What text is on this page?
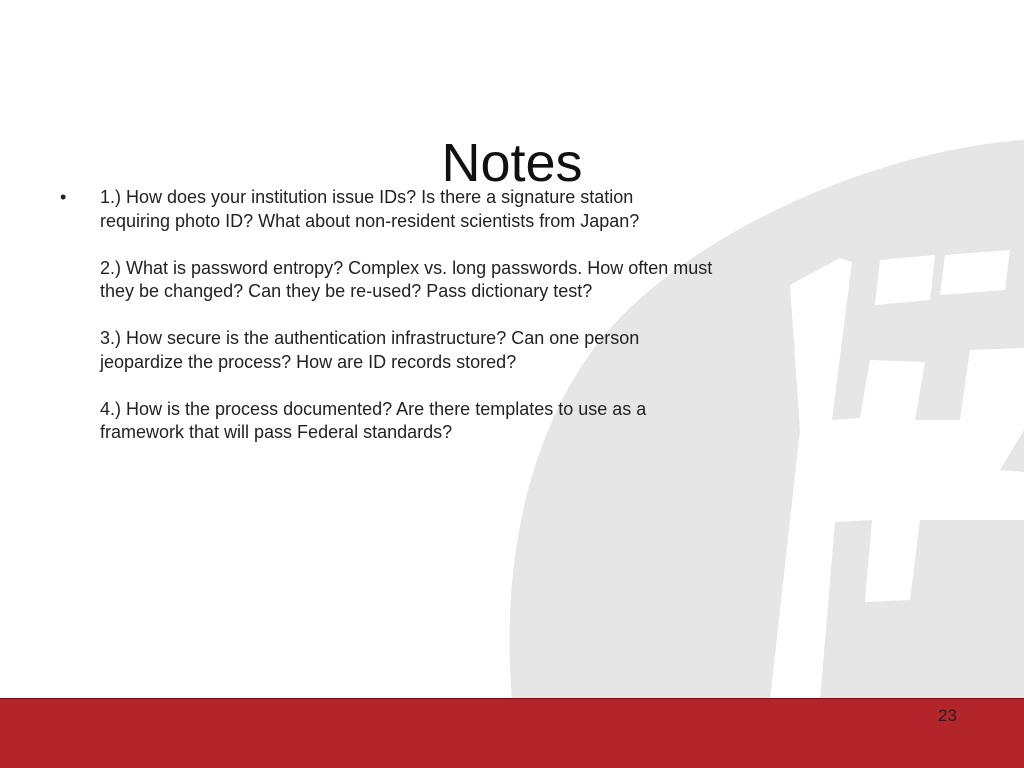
Notes
• 1.) How does your institution issue IDs? Is there a signature station
requiring photo ID? What about non-resident scientists from Japan?

2.) What is password entropy? Complex vs. long passwords. How often must
they be changed? Can they be re-used? Pass dictionary test?

3.) How secure is the authentication infrastructure? Can one person
jeopardize the process? How are ID records stored?

4.) How is the process documented? Are there templates to use as a
framework that will pass Federal standards?

23
